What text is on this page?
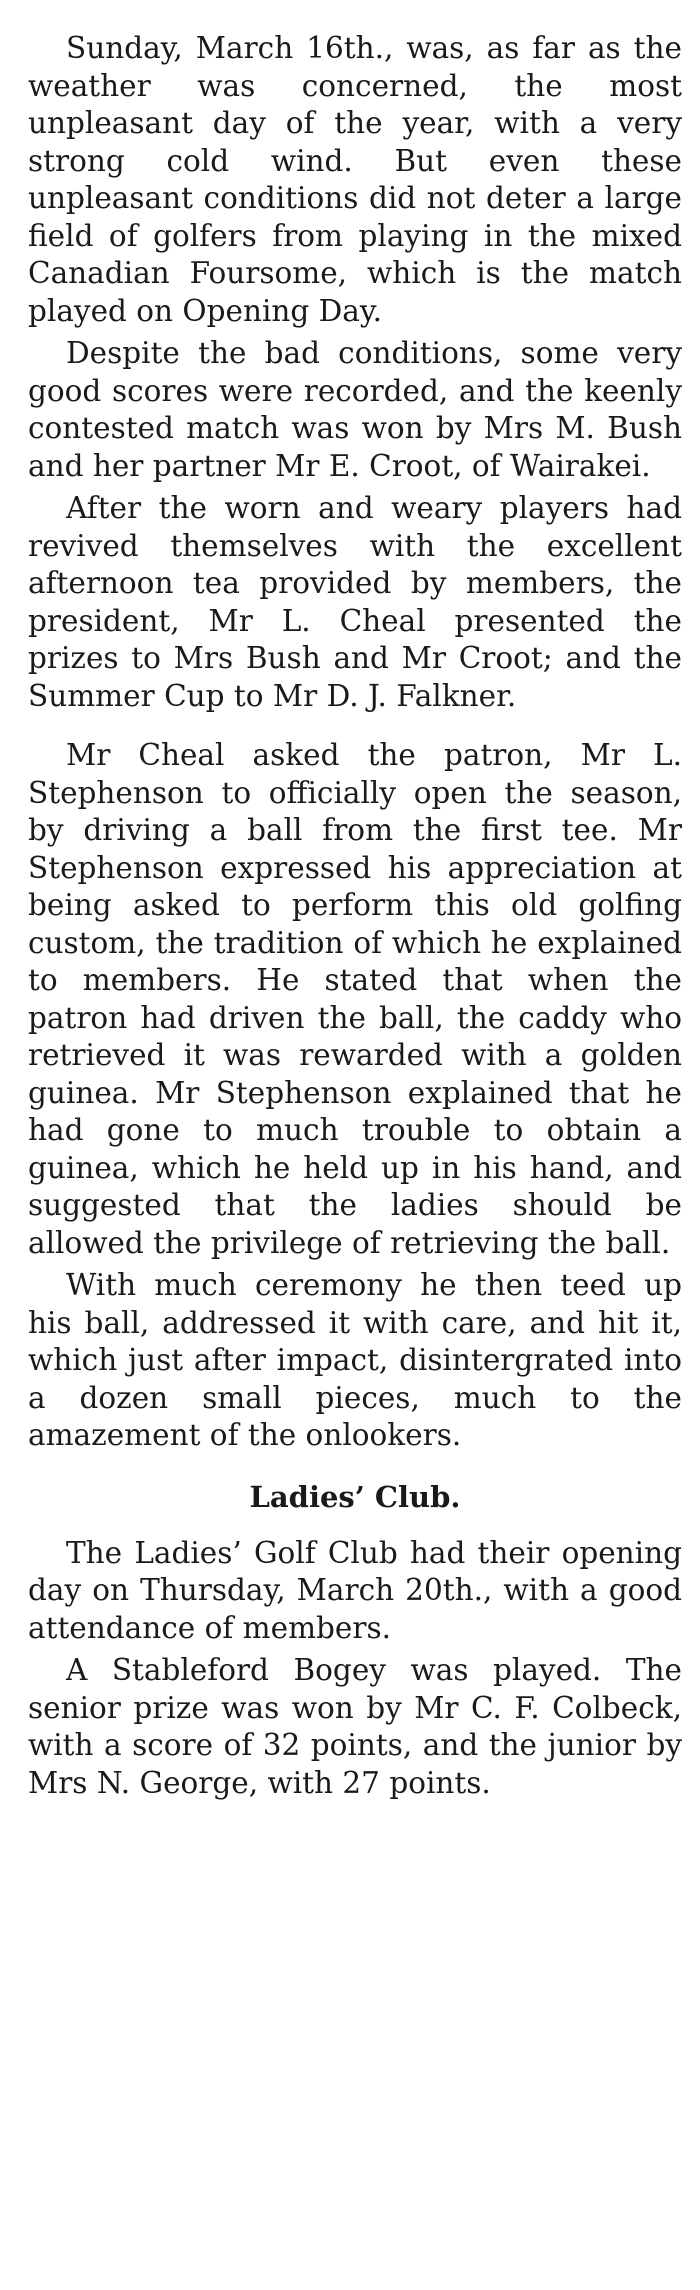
Sunday, March 16th., was, as far as the weather was concerned, the most unpleasant day of the year, with a very strong cold wind. But even these unpleasant conditions did not deter a large field of golfers from playing in the mixed Canadian Foursome, which is the match played on Opening Day.

Despite the bad conditions, some very good scores were recorded, and the keenly contested match was won by Mrs M. Bush and her partner Mr E. Croot, of Wairakei.

After the worn and weary players had revived themselves with the excellent afternoon tea provided by members, the president, Mr L. Cheal presented the prizes to Mrs Bush and Mr Croot; and the Summer Cup to Mr D. J. Falkner.

Mr Cheal asked the patron, Mr L. Stephenson to officially open the season, by driving a ball from the first tee. Mr Stephenson expressed his appreciation at being asked to perform this old golfing custom, the tradition of which he explained to members. He stated that when the patron had driven the ball, the caddy who retrieved it was rewarded with a golden guinea. Mr Stephenson explained that he had gone to much trouble to obtain a guinea, which he held up in his hand, and suggested that the ladies should be allowed the privilege of retrieving the ball.

With much ceremony he then teed up his ball, addressed it with care, and hit it, which just after impact, disintergrated into a dozen small pieces, much to the amazement of the onlookers.

Ladies’ Club.

The Ladies’ Golf Club had their opening day on Thursday, March 20th., with a good attendance of members.

A Stableford Bogey was played. The senior prize was won by Mr C. F. Colbeck, with a score of 32 points, and the junior by Mrs N. George, with 27 points.
